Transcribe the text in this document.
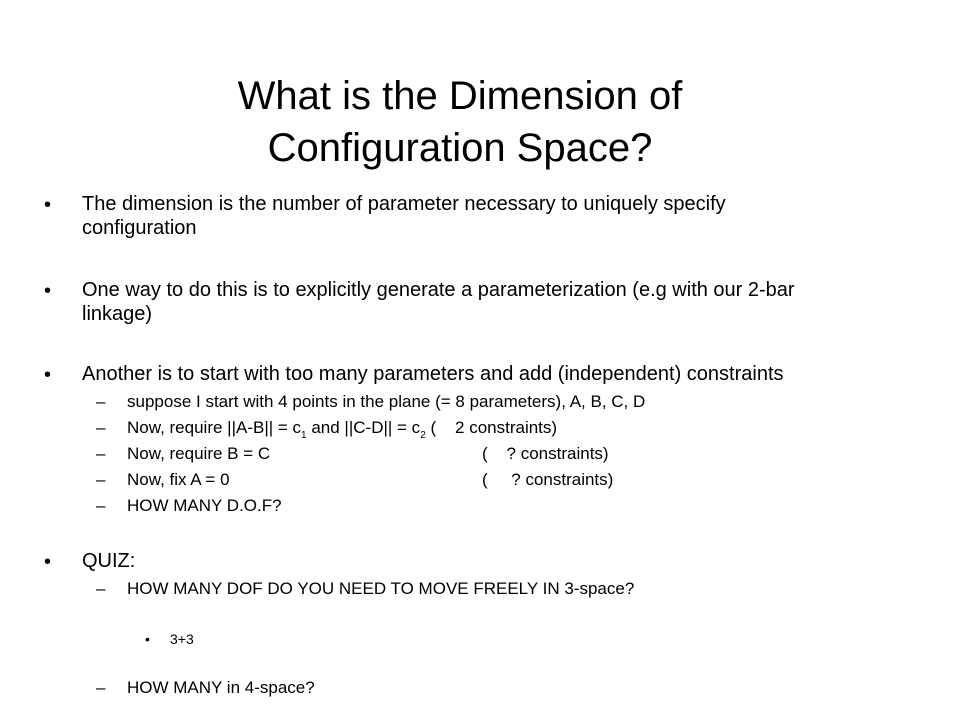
What is the Dimension of
Configuration Space?
• The dimension is the number of parameter necessary to uniquely specify
configuration
• One way to do this is to explicitly generate a parameterization (e.g with our 2-bar
linkage)
• Another is to start with too many parameters and add (independent) constraints
– suppose I start with 4 points in the plane (= 8 parameters), A, B, C, D
– Now, require $||A-B|| = c_1$ and $||C-D|| = c_2$ (    2 constraints)
– Now, require B = C	(    ? constraints)
– Now, fix A = 0	(     ? constraints)
– HOW MANY D.O.F?
• QUIZ:
– HOW MANY DOF DO YOU NEED TO MOVE FREELY IN 3-space?
• 3+3
– HOW MANY in 4-space?
